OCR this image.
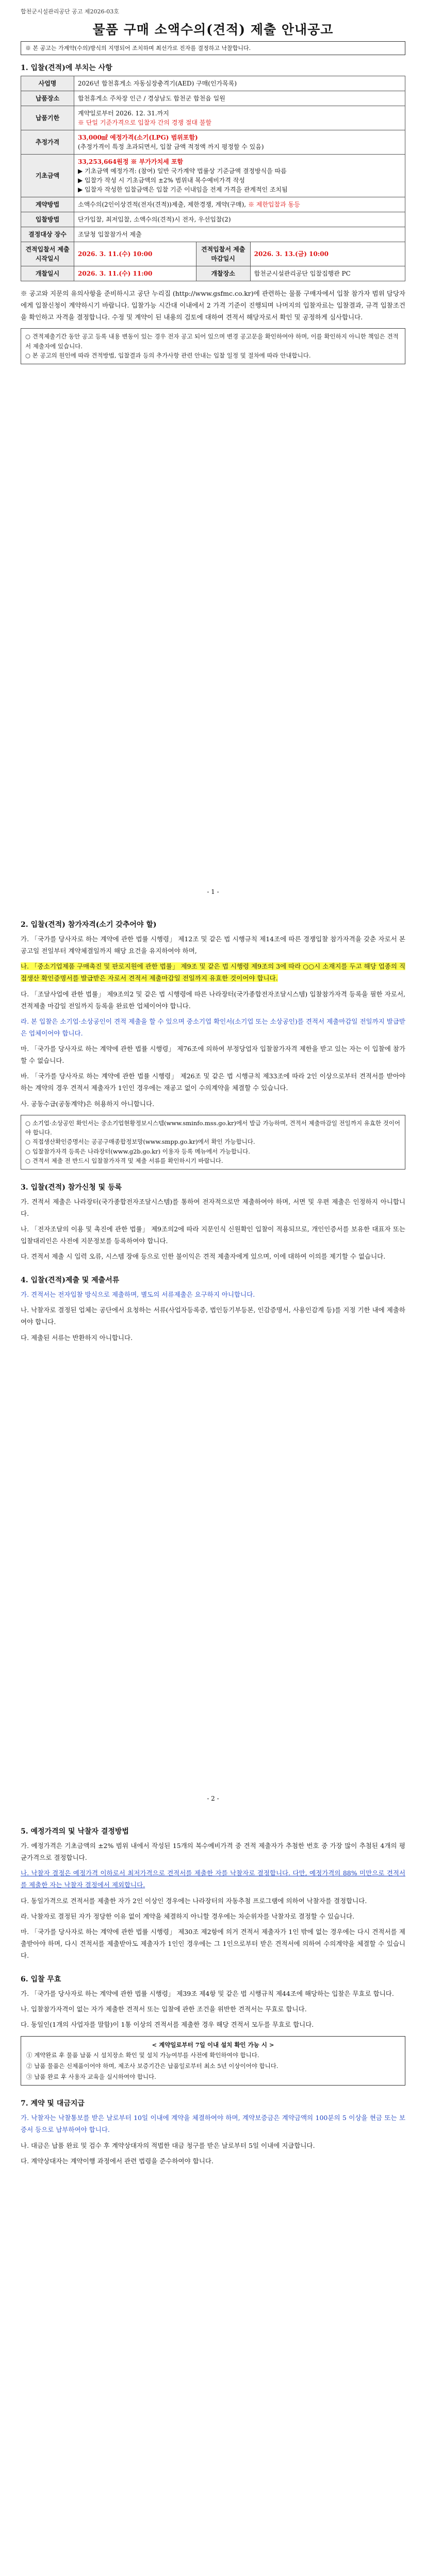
합천군시설관리공단 공고 제2026-03호
물품 구매 소액수의(견적) 제출 안내공고
※ 본 공고는 가계약(수의)방식의 지명되어 조치하며 최선가로 진자를 결정하고 낙찰합니다.
1. 입찰(견적)에 부치는 사항
사업명	2026년 합천휴게소 자동심장충격기(AED) 구매(인가목록)		
납품장소	합천휴게소 주차장 인근 / 경상남도 합천군 합천읍 일원		
납품기한	계약일로부터 2026. 12. 31.까지
※ 단일 기준가격으로 입찰자 간의 경쟁 절대 불할		

추정가격	33,000㎖ 예정가격(소기(LPG) 범위포함)
(추정가격이 특정 초과되면서, 입찰 금액 적정액 까지 평정할 수 있음)		

기초금액	33,253,664원정 ※ 부가가치세 포함
▶ 기초금액 예정가격: (참여) 일반 국가계약 법률상 기준금액 결정방식을 따름
▶ 입찰가 작성 시 기초금액의 ±2% 범위내 복수예비가격 작성
▶ 입찰자 작성한 입찰금액은 입찰 기준 이내임을 전제 가격을 관계적인 조치됨		

계약방법	소액수의(2인이상견적(전자(견적))제출, 제한경쟁, 계약(구매), ※ 제한입찰과 동등		
입찰방법	단가입찰, 최저입찰, 소액수의(견적)시 전자, 우선입찰(2)		
결정대상 장수	조달청 입찰참가서 제출		
견적입찰서 제출 시작일시	2026. 3. 11.(수) 10:00	견적입찰서 제출 마감일시	2026. 3. 13.(금) 10:00
개찰일시	2026. 3. 11.(수) 11:00	개찰장소	합천군시설관리공단 입찰집행관 PC
※ 공고와 지문의 유의사항을 준비하시고 공단 누리집 (http://www.gsfmc.co.kr)에 관련하는 물품 구매자에서 입찰 참가자 범위 담당자에게 입찰신청이 계약하시기 바랍니다. 입찰가능 시간대 이내에서 2 가격 기준이 진행되며 나머지의 입찰자료는 입찰결과, 규격 입찰조건을 확인하고 자격을 결정합니다. 수정 및 계약이 된 내용의 검토에 대하여 견적서 해당자로서 확인 및 공정하게 심사합니다.
○ 견적제출기간 동안 공고 등록 내용 변동이 있는 경우 전자 공고 되어 있으며 변경 공고문을 확인하여야 하며, 이를 확인하지 아니한 책임은 견적서 제출자에 있습니다.
○ 본 공고의 원인에 따라 견적방법, 입찰결과 등의 추가사항 관련 안내는 입찰 일정 및 절차에 따라 안내합니다.
- 1 -
2. 입찰(견적) 참가자격(소기 갖추어야 할)
가. 「국가를 당사자로 하는 계약에 관한 법률 시행령」 제12조 및 같은 법 시행규칙 제14조에 따른 경쟁입찰 참가자격을 갖춘 자로서 본 공고일 전일부터 계약체결일까지 해당 요건을 유지하여야 하며,
나. 「중소기업제품 구매촉진 및 판로지원에 관한 법률」 제9조 및 같은 법 시행령 제9조의 3에 따라 ○○시 소재지를 두고 해당 업종의 직접생산 확인증명서를 발급받은 자로서 견적서 제출마감일 전일까지 유효한 것이어야 합니다.
다. 「조달사업에 관한 법률」 제9조의2 및 같은 법 시행령에 따른 나라장터(국가종합전자조달시스템) 입찰참가자격 등록을 필한 자로서, 견적제출 마감일 전일까지 등록을 완료한 업체이어야 합니다.
라. 본 입찰은 소기업·소상공인이 견적 제출을 할 수 있으며 중소기업 확인서(소기업 또는 소상공인)를 견적서 제출마감일 전일까지 발급받은 업체이어야 합니다.
마. 「국가를 당사자로 하는 계약에 관한 법률 시행령」 제76조에 의하여 부정당업자 입찰참가자격 제한을 받고 있는 자는 이 입찰에 참가할 수 없습니다.
바. 「국가를 당사자로 하는 계약에 관한 법률 시행령」 제26조 및 같은 법 시행규칙 제33조에 따라 2인 이상으로부터 견적서를 받아야 하는 계약의 경우 견적서 제출자가 1인인 경우에는 재공고 없이 수의계약을 체결할 수 있습니다.
사. 공동수급(공동계약)은 허용하지 아니합니다.
○ 소기업·소상공인 확인서는 중소기업현황정보시스템(www.sminfo.mss.go.kr)에서 발급 가능하며, 견적서 제출마감일 전일까지 유효한 것이어야 합니다.
○ 직접생산확인증명서는 공공구매종합정보망(www.smpp.go.kr)에서 확인 가능합니다.
○ 입찰참가자격 등록은 나라장터(www.g2b.go.kr) 이용자 등록 메뉴에서 가능합니다.
○ 견적서 제출 전 반드시 입찰참가자격 및 제출 서류를 확인하시기 바랍니다.
3. 입찰(견적) 참가신청 및 등록
가. 견적서 제출은 나라장터(국가종합전자조달시스템)를 통하여 전자적으로만 제출하여야 하며, 서면 및 우편 제출은 인정하지 아니합니다.
나. 「전자조달의 이용 및 촉진에 관한 법률」 제9조의2에 따라 지문인식 신원확인 입찰이 적용되므로, 개인인증서를 보유한 대표자 또는 입찰대리인은 사전에 지문정보를 등록하여야 합니다.
다. 견적서 제출 시 입력 오류, 시스템 장애 등으로 인한 불이익은 견적 제출자에게 있으며, 이에 대하여 이의를 제기할 수 없습니다.
4. 입찰(견적)제출 및 제출서류
가. 견적서는 전자입찰 방식으로 제출하며, 별도의 서류제출은 요구하지 아니합니다.
나. 낙찰자로 결정된 업체는 공단에서 요청하는 서류(사업자등록증, 법인등기부등본, 인감증명서, 사용인감계 등)를 지정 기한 내에 제출하여야 합니다.
다. 제출된 서류는 반환하지 아니합니다.
- 2 -
5. 예정가격의 및 낙찰자 결정방법
가. 예정가격은 기초금액의 ±2% 범위 내에서 작성된 15개의 복수예비가격 중 견적 제출자가 추첨한 번호 중 가장 많이 추첨된 4개의 평균가격으로 결정합니다.
나. 낙찰자 결정은 예정가격 이하로서 최저가격으로 견적서를 제출한 자를 낙찰자로 결정합니다. 다만, 예정가격의 88% 미만으로 견적서를 제출한 자는 낙찰자 결정에서 제외합니다.
다. 동일가격으로 견적서를 제출한 자가 2인 이상인 경우에는 나라장터의 자동추첨 프로그램에 의하여 낙찰자를 결정합니다.
라. 낙찰자로 결정된 자가 정당한 이유 없이 계약을 체결하지 아니할 경우에는 차순위자를 낙찰자로 결정할 수 있습니다.
마. 「국가를 당사자로 하는 계약에 관한 법률 시행령」 제30조 제2항에 의거 견적서 제출자가 1인 밖에 없는 경우에는 다시 견적서를 제출받아야 하며, 다시 견적서를 제출받아도 제출자가 1인인 경우에는 그 1인으로부터 받은 견적서에 의하여 수의계약을 체결할 수 있습니다.
6. 입찰 무효
가. 「국가를 당사자로 하는 계약에 관한 법률 시행령」 제39조 제4항 및 같은 법 시행규칙 제44조에 해당하는 입찰은 무효로 합니다.
나. 입찰참가자격이 없는 자가 제출한 견적서 또는 입찰에 관한 조건을 위반한 견적서는 무효로 합니다.
다. 동일인(1개의 사업자를 말함)이 1통 이상의 견적서를 제출한 경우 해당 견적서 모두를 무효로 합니다.
< 계약일로부터 7일 이내 설치 확인 가능 시 >
① 계약완료 후 물품 납품 시 설치장소 확인 및 설치 가능여부를 사전에 확인하여야 합니다.
② 납품 물품은 신제품이어야 하며, 제조사 보증기간은 납품일로부터 최소 5년 이상이어야 합니다.
③ 납품 완료 후 사용자 교육을 실시하여야 합니다.
7. 계약 및 대금지급
가. 낙찰자는 낙찰통보를 받은 날로부터 10일 이내에 계약을 체결하여야 하며, 계약보증금은 계약금액의 100분의 5 이상을 현금 또는 보증서 등으로 납부하여야 합니다.
나. 대금은 납품 완료 및 검수 후 계약상대자의 적법한 대금 청구를 받은 날로부터 5일 이내에 지급합니다.
다. 계약상대자는 계약이행 과정에서 관련 법령을 준수하여야 합니다.
